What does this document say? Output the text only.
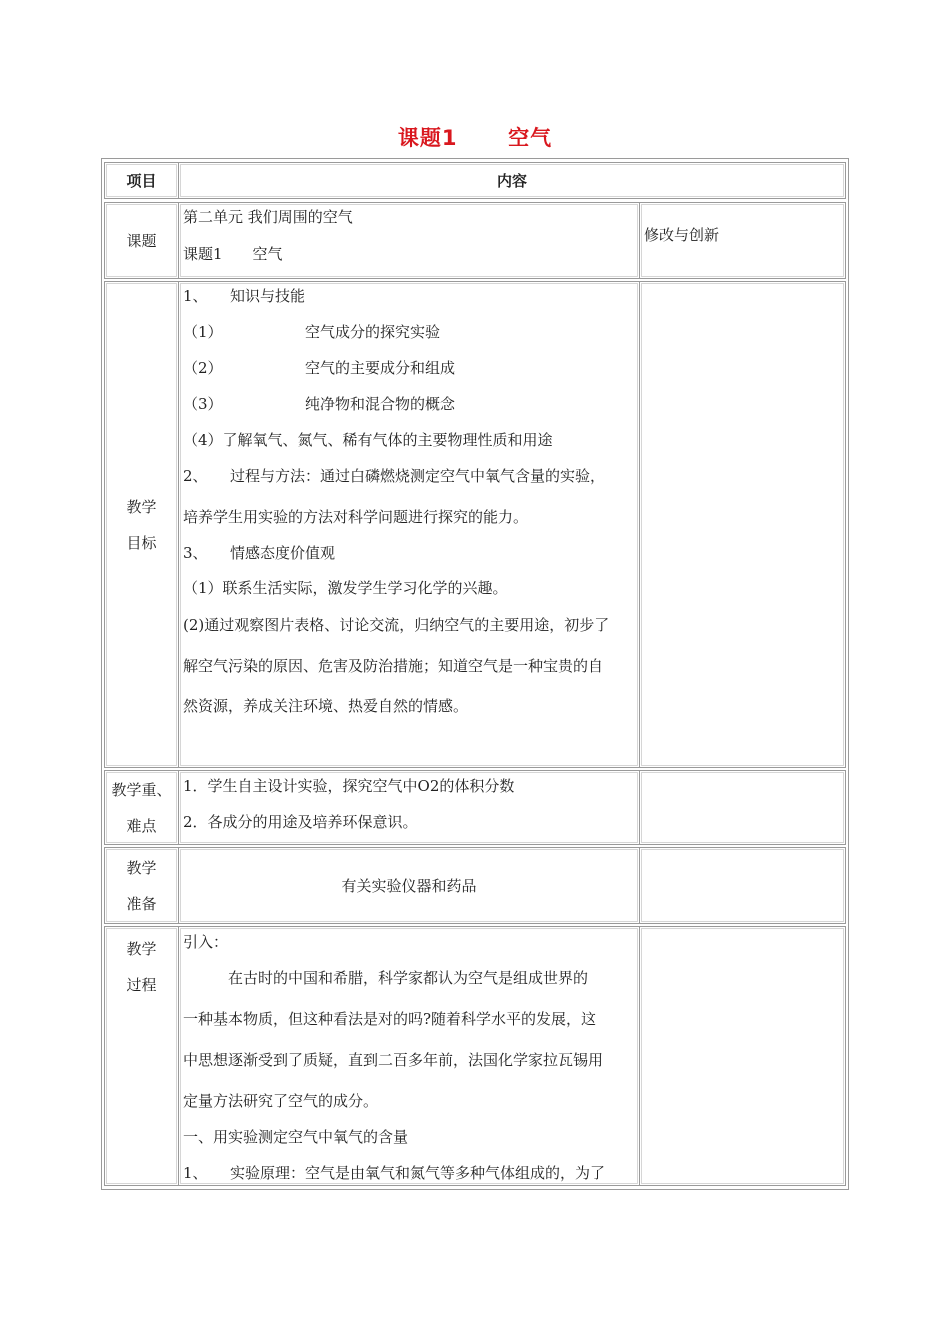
课题1 空气
项目	内容
课题
第二单元 我们周围的空气
课题1　　空气
修改与创新
教学
目标
1、　　知识与技能
（1）　　　　　　空气成分的探究实验
（2）　　　　　　空气的主要成分和组成
（3）　　　　　　纯净物和混合物的概念
（4）了解氧气、氮气、稀有气体的主要物理性质和用途
2、　　过程与方法：通过白磷燃烧测定空气中氧气含量的实验，
培养学生用实验的方法对科学问题进行探究的能力。
3、　　情感态度价值观
（1）联系生活实际，激发学生学习化学的兴趣。
(2)通过观察图片表格、讨论交流，归纳空气的主要用途，初步了
解空气污染的原因、危害及防治措施；知道空气是一种宝贵的自
然资源，养成关注环境、热爱自然的情感。
教学重、
难点
1．学生自主设计实验，探究空气中O2的体积分数
2．各成分的用途及培养环保意识。
教学
准备
有关实验仪器和药品
教学
过程
引入：
　　　在古时的中国和希腊，科学家都认为空气是组成世界的
一种基本物质，但这种看法是对的吗?随着科学水平的发展，这
中思想逐渐受到了质疑，直到二百多年前，法国化学家拉瓦锡用
定量方法研究了空气的成分。
一、用实验测定空气中氧气的含量
1、　　实验原理：空气是由氧气和氮气等多种气体组成的，为了
